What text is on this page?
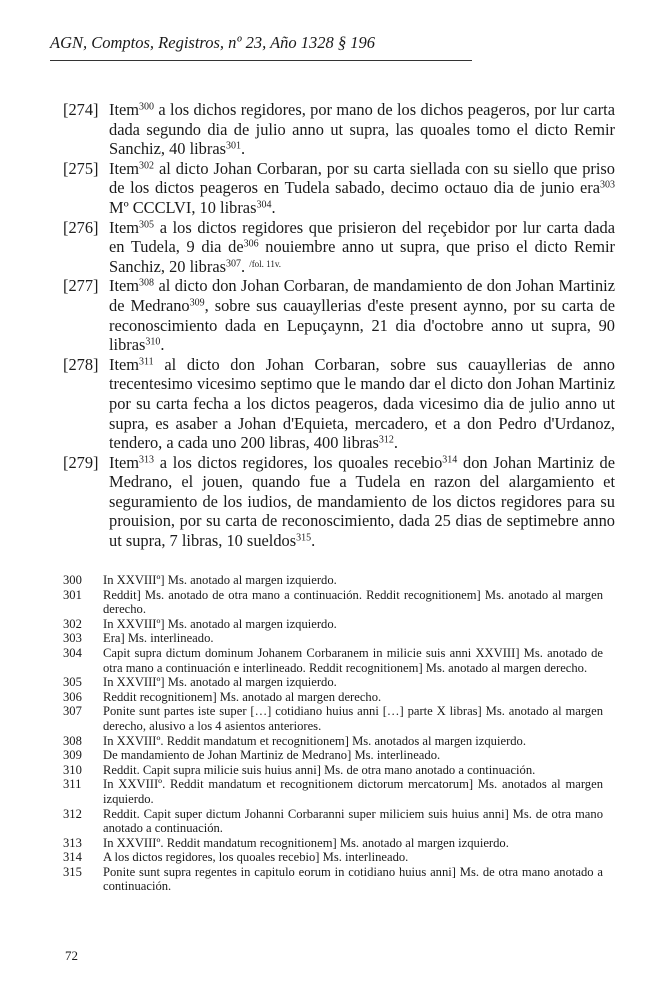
AGN, Comptos, Registros, nº 23, Año 1328 § 196
[274] Item$^{300}$ a los dichos regidores, por mano de los dichos peageros, por lur carta dada segundo dia de julio anno ut supra, las quoales tomo el dicto Remir Sanchiz, 40 libras$^{301}$.
[275] Item$^{302}$ al dicto Johan Corbaran, por su carta siellada con su siello que priso de los dictos peageros en Tudela sabado, decimo octauo dia de junio era$^{303}$ Mº CCCLVI, 10 libras$^{304}$.
[276] Item$^{305}$ a los dictos regidores que prisieron del reçebidor por lur carta dada en Tudela, 9 dia $de^{306}$ nouiembre anno ut supra, que priso el dicto Remir Sanchiz, 20 libras$^{307}$. $^{/fol. 11v.}$
[277] Item$^{308}$ al dicto don Johan Corbaran, de mandamiento de don Johan Martiniz de Medrano$^{309}$, sobre sus cauayllerias d'este present aynno, por su carta de reconoscimiento dada en Lepuçaynn, 21 dia d'octobre anno ut supra, 90 libras$^{310}$.
[278] Item$^{311}$ al dicto don Johan Corbaran, sobre sus cauayllerias de anno trecentesimo vicesimo septimo que le mando dar el dicto don Johan Martiniz por su carta fecha a los dictos peageros, dada vicesimo dia de julio anno ut supra, es asaber a Johan d'Equieta, mercadero, et a don Pedro d'Urdanoz, tendero, a cada uno 200 libras, 400 libras$^{312}$.
[279] Item$^{313}$ a los dictos regidores, los quoales recebio$^{314}$ don Johan Martiniz de Medrano, el jouen, quando fue a Tudela en razon del alargamiento et seguramiento de los iudios, de mandamiento de los dictos regidores para su prouision, por su carta de reconoscimiento, dada 25 dias de septimebre anno ut supra, 7 libras, 10 sueldos$^{315}$.
300	In XXVIIIº] Ms. anotado al margen izquierdo.
301	Reddit] Ms. anotado de otra mano a continuación. Reddit recognitionem] Ms. anotado al margen derecho.
302	In XXVIIIº] Ms. anotado al margen izquierdo.
303	Era] Ms. interlineado.
304	Capit supra dictum dominum Johanem Corbaranem in milicie suis anni XXVIII] Ms. anotado de otra mano a continuación e interlineado. Reddit recognitionem] Ms. anotado al margen derecho.
305	In XXVIIIº] Ms. anotado al margen izquierdo.
306	Reddit recognitionem] Ms. anotado al margen derecho.
307	Ponite sunt partes iste super […] cotidiano huius anni […] parte X libras] Ms. anotado al margen derecho, alusivo a los 4 asientos anteriores.
308	In XXVIIIº. Reddit mandatum et recognitionem] Ms. anotados al margen izquierdo.
309	De mandamiento de Johan Martiniz de Medrano] Ms. interlineado.
310	Reddit. Capit supra milicie suis huius anni] Ms. de otra mano anotado a continuación.
311	In XXVIIIº. Reddit mandatum et recognitionem dictorum mercatorum] Ms. anotados al margen izquierdo.
312	Reddit. Capit super dictum Johanni Corbaranni super miliciem suis huius anni] Ms. de otra mano anotado a continuación.
313	In XXVIIIº. Reddit mandatum recognitionem] Ms. anotado al margen izquierdo.
314	A los dictos regidores, los quoales recebio] Ms. interlineado.
315	Ponite sunt supra regentes in capitulo eorum in cotidiano huius anni] Ms. de otra mano anotado a continuación.
72
